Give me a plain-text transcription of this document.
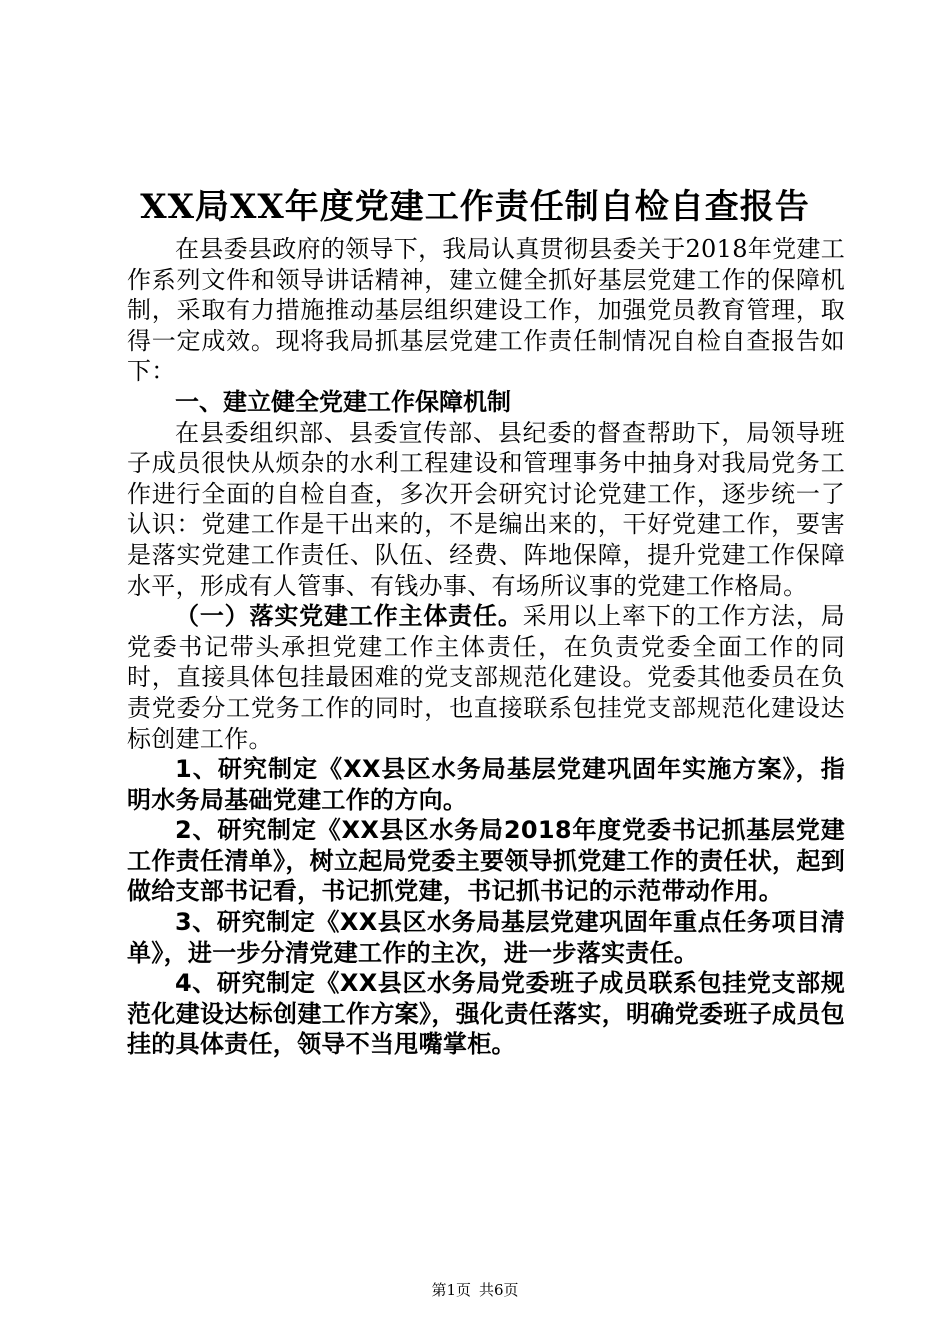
XX局XX年度党建工作责任制自检自查报告

在县委县政府的领导下，我局认真贯彻县委关于2018年党建工作系列文件和领导讲话精神，建立健全抓好基层党建工作的保障机制，采取有力措施推动基层组织建设工作，加强党员教育管理，取得一定成效。现将我局抓基层党建工作责任制情况自检自查报告如下：

一、建立健全党建工作保障机制

在县委组织部、县委宣传部、县纪委的督查帮助下，局领导班子成员很快从烦杂的水利工程建设和管理事务中抽身对我局党务工作进行全面的自检自查，多次开会研究讨论党建工作，逐步统一了认识：党建工作是干出来的，不是编出来的，干好党建工作，要害是落实党建工作责任、队伍、经费、阵地保障，提升党建工作保障水平，形成有人管事、有钱办事、有场所议事的党建工作格局。

（一）落实党建工作主体责任。采用以上率下的工作方法，局党委书记带头承担党建工作主体责任，在负责党委全面工作的同时，直接具体包挂最困难的党支部规范化建设。党委其他委员在负责党委分工党务工作的同时，也直接联系包挂党支部规范化建设达标创建工作。

1、研究制定《XX县区水务局基层党建巩固年实施方案》，指明水务局基础党建工作的方向。

2、研究制定《XX县区水务局2018年度党委书记抓基层党建工作责任清单》，树立起局党委主要领导抓党建工作的责任状，起到做给支部书记看，书记抓党建，书记抓书记的示范带动作用。

3、研究制定《XX县区水务局基层党建巩固年重点任务项目清单》，进一步分清党建工作的主次，进一步落实责任。

4、研究制定《XX县区水务局党委班子成员联系包挂党支部规范化建设达标创建工作方案》，强化责任落实，明确党委班子成员包挂的具体责任，领导不当甩嘴掌柜。

第1页 共6页
